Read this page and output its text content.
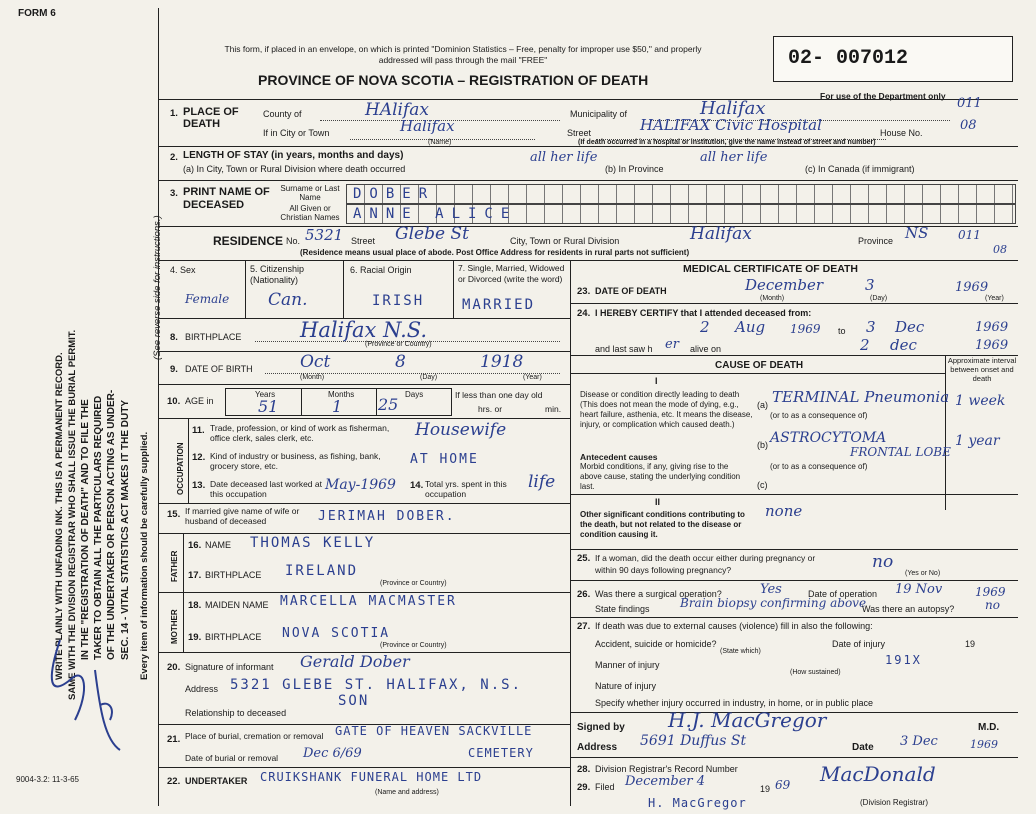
FORM 6
This form, if placed in an envelope, on which is printed "Dominion Statistics – Free, penalty for improper use $50," and properly addressed will pass through the mail "FREE"
PROVINCE OF NOVA SCOTIA – REGISTRATION OF DEATH
02- 007012
For use of the Department only
SEC. 14 - VITAL STATISTICS ACT MAKES IT THE DUTY
OF THE UNDERTAKER OR PERSON ACTING AS UNDER-
TAKER TO OBTAIN ALL THE PARTICULARS REQUIRED
IN THE "REGISTRATION OF DEATH" AND TO FILE THE
SAME WITH THE DIVISION REGISTRAR WHO SHALL ISSUE THE BURIAL PERMIT.
WRITE PLAINLY WITH UNFADING INK. THIS IS A PERMANENT RECORD.	Every item of information should be carefully supplied.
(See reverse side for instructions.)
9004-3.2: 11-3-65
1. PLACE OF DEATH
County of	HAlifax	Municipality of	Halifax	011
If in City or Town	Halifax
(Name)
Street	HALIFAX Civic Hospital	House No.	08
(If death occurred in a hospital or institution, give the name instead of street and number)
2. LENGTH OF STAY (in years, months and days)
(a) In City, Town or Rural Division where death occurred
all her life
(b) In Province
all her life
(c) In Canada (if immigrant)
3. PRINT NAME OF DECEASED
Surname or Last Name
All Given or Christian Names
DOBER
ANNE ALICE
RESIDENCE No. 5321 Street Glebe St	City, Town or Rural Division	Halifax	Province NS 011
08
(Residence means usual place of abode. Post Office Address for residents in rural parts not sufficient)
4. Sex
Female
5. Citizenship (Nationality)
Can.
6. Racial Origin
IRISH
7. Single, Married, Widowed or Divorced (write the word)
MARRIED
8. BIRTHPLACE	Halifax N.S.
(Province or Country)
9. DATE OF BIRTH	Oct	8	1918
(Month)	(Day)	(Year)
10. AGE in
Years
51
Months
1
Days
25	If less than one day old
hrs. or	min.
OCCUPATION
11. Trade, profession, or kind of work as fisherman, office clerk, sales clerk, etc.	Housewife
12. Kind of industry or business, as fishing, bank, grocery store, etc.	AT HOME
13. Date deceased last worked at this occupation
May-1969 14. Total yrs. spent in this occupation
life
15. If married give name of wife or husband of deceased	JERIMAH DOBER.
FATHER
16. NAME THOMAS KELLY
17. BIRTHPLACE IRELAND
(Province or Country)
MOTHER
18. MAIDEN NAME MARCELLA MACMASTER
19. BIRTHPLACE NOVA SCOTIA
(Province or Country)
20. Signature of informant Gerald Dober
Address 5321 GLEBE ST. HALIFAX, N.S.
Relationship to deceased
SON
21. Place of burial, cremation or removal GATE OF HEAVEN SACKVILLE
Date of burial or removal Dec 6/69	CEMETERY
22. UNDERTAKER CRUIKSHANK FUNERAL HOME LTD
(Name and address)
MEDICAL CERTIFICATE OF DEATH
23. DATE OF DEATH	December	3	1969
(Month)	(Day)	(Year)
24. I HEREBY CERTIFY that I attended deceased from:
2 Aug 1969 to 3 Dec	1969
and last saw h er alive on	2 dec	1969
CAUSE OF DEATH	Approximate interval between onset and death
I
Disease or condition directly leading to death (This does not mean the mode of dying, e.g., heart failure, asthenia, etc. It means the disease, injury, or complication which caused death.)
(a) TERMINAL Pneumonia 1 week
(or to as a consequence of)
Antecedent causes
Morbid conditions, if any, giving rise to the above cause, stating the underlying condition last.
(b) ASTROCYTOMA
FRONTAL LOBE
1 year
(or to as a consequence of)
(c)
II
Other significant conditions contributing to the death, but not related to the disease or condition causing it.
none
25. If a woman, did the death occur either during pregnancy or within 90 days following pregnancy?	no
(Yes or No)
26. Was there a surgical operation?	Yes	Date of operation 19 Nov	1969
State findings	Brain biopsy confirming above
Was there an autopsy?	no
27. If death was due to external causes (violence) fill in also the following:
Accident, suicide or homicide?	Date of injury	19
(State which)
Manner of injury	191X
(How sustained)
Nature of injury
Specify whether injury occurred in industry, in home, or in public place
Signed by H.J. MacGregor	M.D.
Address 5691 Duffus St	Date 3 Dec	1969
28. Division Registrar's Record Number
29. Filed December 4	19 69 MacDonald
(Division Registrar)
H. MacGregor
